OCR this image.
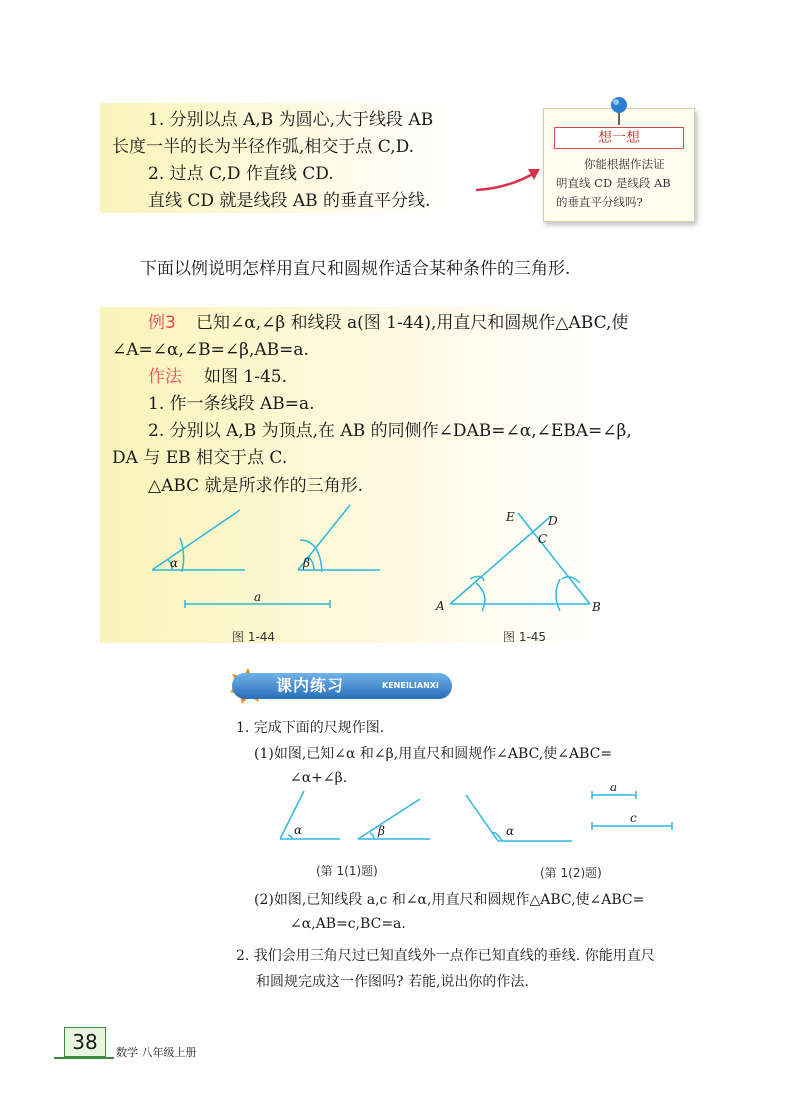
1. 分别以点 A,B 为圆心,大于线段 AB
长度一半的长为半径作弧,相交于点 C,D.
2. 过点 C,D 作直线 CD.
直线 CD 就是线段 AB 的垂直平分线.
想一想
你能根据作法证
明直线 CD 是线段 AB
的垂直平分线吗?
下面以例说明怎样用直尺和圆规作适合某种条件的三角形.
例3 已知∠α,∠β 和线段 a(图 1-44),用直尺和圆规作△ABC,使
∠A=∠α,∠B=∠β,AB=a.
作法 如图 1-45.
1. 作一条线段 AB=a.
2. 分别以 A,B 为顶点,在 AB 的同侧作∠DAB=∠α,∠EBA=∠β,
DA 与 EB 相交于点 C.
△ABC 就是所求作的三角形.
α	β
a
图 1-44
A	B
C
D
E
图 1-45
课内练习	KENEILIANXI
1. 完成下面的尺规作图.
(1)如图,已知∠α 和∠β,用直尺和圆规作∠ABC,使∠ABC=
∠α+∠β.
α	β	α
a
c
(第 1(1)题)	(第 1(2)题)
(2)如图,已知线段 a,c 和∠α,用直尺和圆规作△ABC,使∠ABC=
∠α,AB=c,BC=a.
2. 我们会用三角尺过已知直线外一点作已知直线的垂线. 你能用直尺
和圆规完成这一作图吗? 若能,说出你的作法.
38	数学 八年级上册
